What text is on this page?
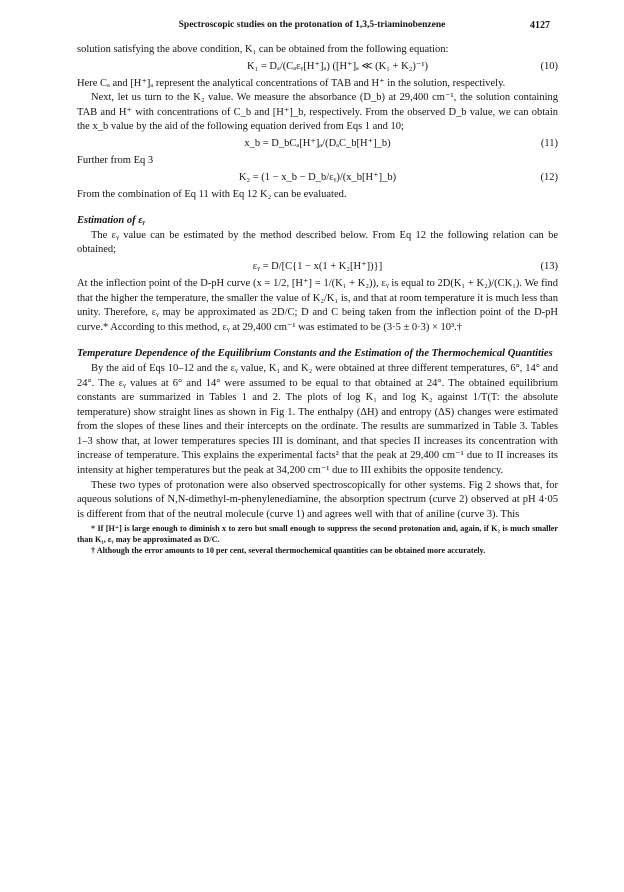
Spectroscopic studies on the protonation of 1,3,5-triaminobenzene	4127

solution satisfying the above condition, K₁ can be obtained from the following equation:

K₁ = Dₐ/(Cₐεᵧ[H⁺]ₐ) ([H⁺]ₐ ≪ (K₁ + K₂)⁻¹)	(10)

Here Cₐ and [H⁺]ₐ represent the analytical concentrations of TAB and H⁺ in the solution, respectively.

Next, let us turn to the K₂ value. We measure the absorbance (D_b) at 29,400 cm⁻¹, the solution containing TAB and H⁺ with concentrations of C_b and [H⁺]_b, respectively. From the observed D_b value, we can obtain the x_b value by the aid of the following equation derived from Eqs 1 and 10;

x_b = D_bCₐ[H⁺]ₐ/(DₐC_b[H⁺]_b)	(11)

Further from Eq 3

K₂ = (1 − x_b − D_b/εᵧ)/(x_b[H⁺]_b)	(12)

From the combination of Eq 11 with Eq 12 K₂ can be evaluated.

Estimation of εᵧ

The εᵧ value can be estimated by the method described below. From Eq 12 the following relation can be obtained;

εᵧ = D/[C{1 − x(1 + K₂[H⁺])}]	(13)

At the inflection point of the D-pH curve (x = 1/2, [H⁺] = 1/(K₁ + K₂)), εᵧ is equal to 2D(K₁ + K₂)/(CK₁). We find that the higher the temperature, the smaller the value of K₂/K₁ is, and that at room temperature it is much less than unity. Therefore, εᵧ may be approximated as 2D/C; D and C being taken from the inflection point of the D-pH curve.* According to this method, εᵧ at 29,400 cm⁻¹ was estimated to be (3·5 ± 0·3) × 10³.†

Temperature Dependence of the Equilibrium Constants and the Estimation of the Thermochemical Quantities

By the aid of Eqs 10–12 and the εᵧ value, K₁ and K₂ were obtained at three different temperatures, 6°, 14° and 24°. The εᵧ values at 6° and 14° were assumed to be equal to that obtained at 24°. The obtained equilibrium constants are summarized in Tables 1 and 2. The plots of log K₁ and log K₂ against 1/T(T: the absolute temperature) show straight lines as shown in Fig 1. The enthalpy (ΔH) and entropy (ΔS) changes were estimated from the slopes of these lines and their intercepts on the ordinate. The results are summarized in Table 3. Tables 1–3 show that, at lower temperatures species III is dominant, and that species II increases its concentration with increase of temperature. This explains the experimental facts² that the peak at 29,400 cm⁻¹ due to II increases its intensity at higher temperatures but the peak at 34,200 cm⁻¹ due to III exhibits the opposite tendency.

These two types of protonation were also observed spectroscopically for other systems. Fig 2 shows that, for aqueous solutions of N,N-dimethyl-m-phenylenediamine, the absorption spectrum (curve 2) observed at pH 4·05 is different from that of the neutral molecule (curve 1) and agrees well with that of aniline (curve 3). This

* If [H⁺] is large enough to diminish x to zero but small enough to suppress the second protonation and, again, if K₂ is much smaller than K₁, εᵧ may be approximated as D/C.

† Although the error amounts to 10 per cent, several thermochemical quantities can be obtained more accurately.
